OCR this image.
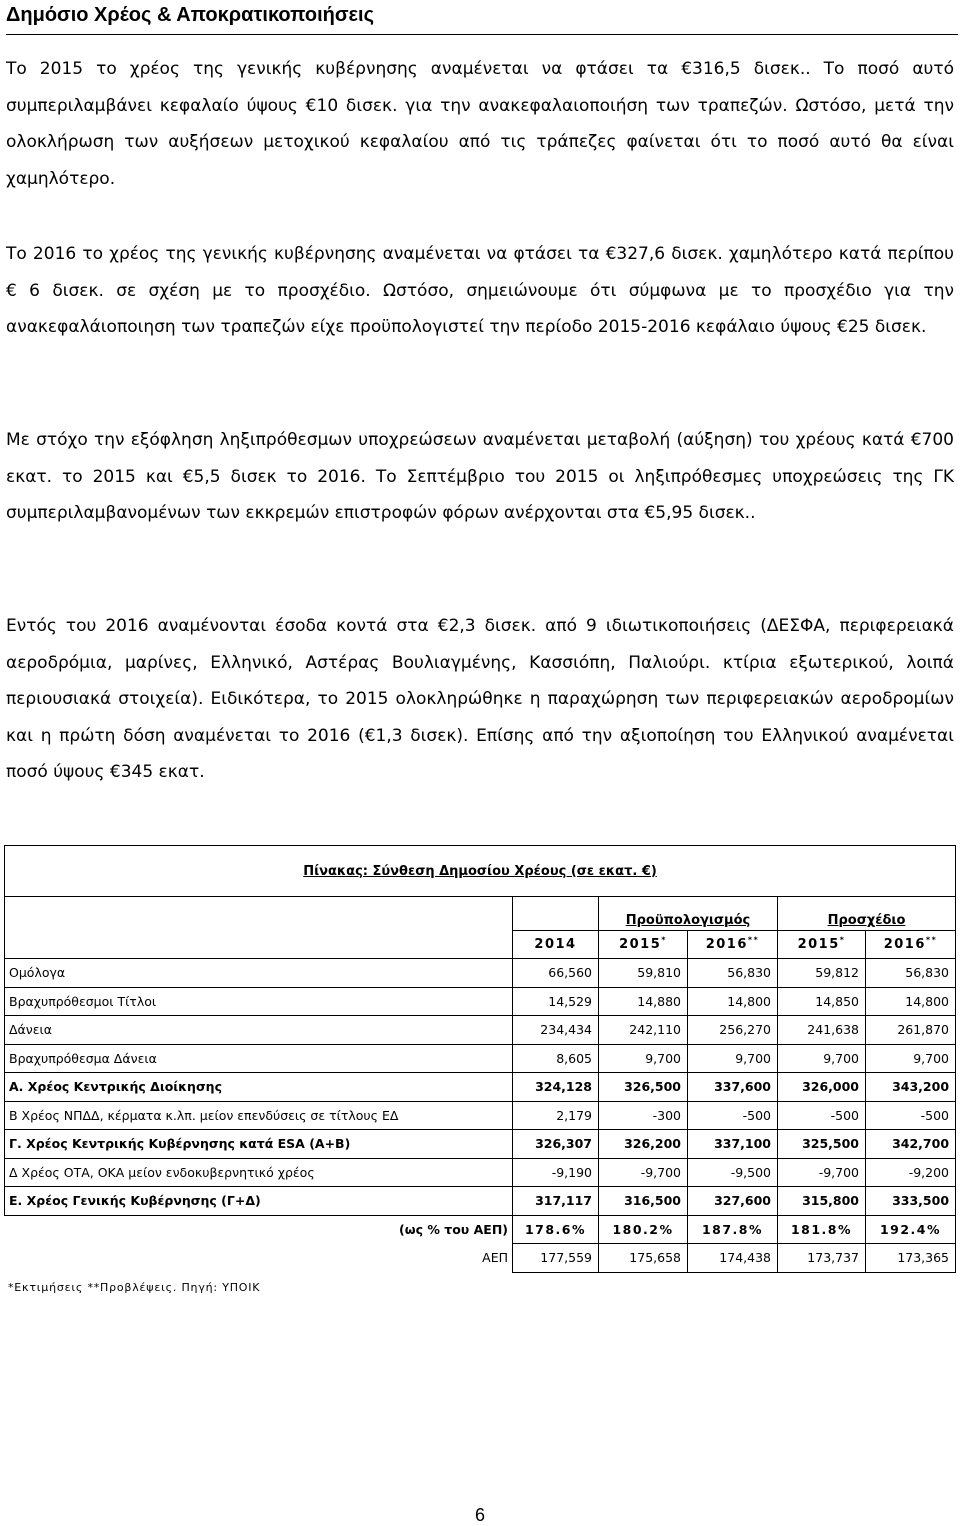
Δημόσιο Χρέος & Αποκρατικοποιήσεις

Το 2015 το χρέος της γενικής κυβέρνησης αναμένεται να φτάσει τα €316,5 δισεκ.. Το ποσό αυτό συμπεριλαμβάνει κεφαλαίο ύψους €10 δισεκ. για την ανακεφαλαιοποιήση των τραπεζών. Ωστόσο, μετά την ολοκλήρωση των αυξήσεων μετοχικού κεφαλαίου από τις τράπεζες φαίνεται ότι το ποσό αυτό θα είναι χαμηλότερο.

Το 2016 το χρέος της γενικής κυβέρνησης αναμένεται να φτάσει τα €327,6 δισεκ. χαμηλότερο κατά περίπου € 6 δισεκ. σε σχέση με το προσχέδιο. Ωστόσο, σημειώνουμε ότι σύμφωνα με το προσχέδιο για την ανακεφαλάιοποιηση των τραπεζών είχε προϋπολογιστεί την περίοδο 2015-2016 κεφάλαιο ύψους €25 δισεκ.

Με στόχο την εξόφληση ληξιπρόθεσμων υποχρεώσεων αναμένεται μεταβολή (αύξηση) του χρέους κατά €700 εκατ. το 2015 και €5,5 δισεκ το 2016. Το Σεπτέμβριο του 2015 οι ληξιπρόθεσμες υποχρεώσεις της ΓΚ συμπεριλαμβανομένων των εκκρεμών επιστροφών φόρων ανέρχονται στα €5,95 δισεκ..

Εντός του 2016 αναμένονται έσοδα κοντά στα €2,3 δισεκ. από 9 ιδιωτικοποιήσεις (ΔΕΣΦΑ, περιφερειακά αεροδρόμια, μαρίνες, Ελληνικό, Αστέρας Βουλιαγμένης, Κασσιόπη, Παλιούρι. κτίρια εξωτερικού, λοιπά περιουσιακά στοιχεία). Ειδικότερα, το 2015 ολοκληρώθηκε η παραχώρηση των περιφερειακών αεροδρομίων και η πρώτη δόση αναμένεται το 2016 (€1,3 δισεκ). Επίσης από την αξιοποίηση του Ελληνικού αναμένεται ποσό ύψους €345 εκατ.

Πίνακας: Σύνθεση Δημοσίου Χρέους (σε εκατ. €)					
		Προϋπολογισμός		Προσχέδιο	
	2014	2015*	2016**	2015*	2016**
Ομόλογα	66,560	59,810	56,830	59,812	56,830
Βραχυπρόθεσμοι Τίτλοι	14,529	14,880	14,800	14,850	14,800
Δάνεια	234,434	242,110	256,270	241,638	261,870
Βραχυπρόθεσμα Δάνεια	8,605	9,700	9,700	9,700	9,700
Α. Χρέος Κεντρικής Διοίκησης	324,128	326,500	337,600	326,000	343,200
Β Χρέος ΝΠΔΔ, κέρματα κ.λπ. μείον επενδύσεις σε τίτλους ΕΔ	2,179	-300	-500	-500	-500
Γ. Χρέος Κεντρικής Κυβέρνησης κατά ESA (Α+Β)	326,307	326,200	337,100	325,500	342,700
Δ Χρέος ΟΤΑ, ΟΚΑ μείον ενδοκυβερνητικό χρέος	-9,190	-9,700	-9,500	-9,700	-9,200
Ε. Χρέος Γενικής Κυβέρνησης (Γ+Δ)	317,117	316,500	327,600	315,800	333,500
(ως % του ΑΕΠ)	178.6%	180.2%	187.8%	181.8%	192.4%
ΑΕΠ	177,559	175,658	174,438	173,737	173,365
*Εκτιμήσεις **Προβλέψεις. Πηγή: ΥΠΟΙΚ
6
